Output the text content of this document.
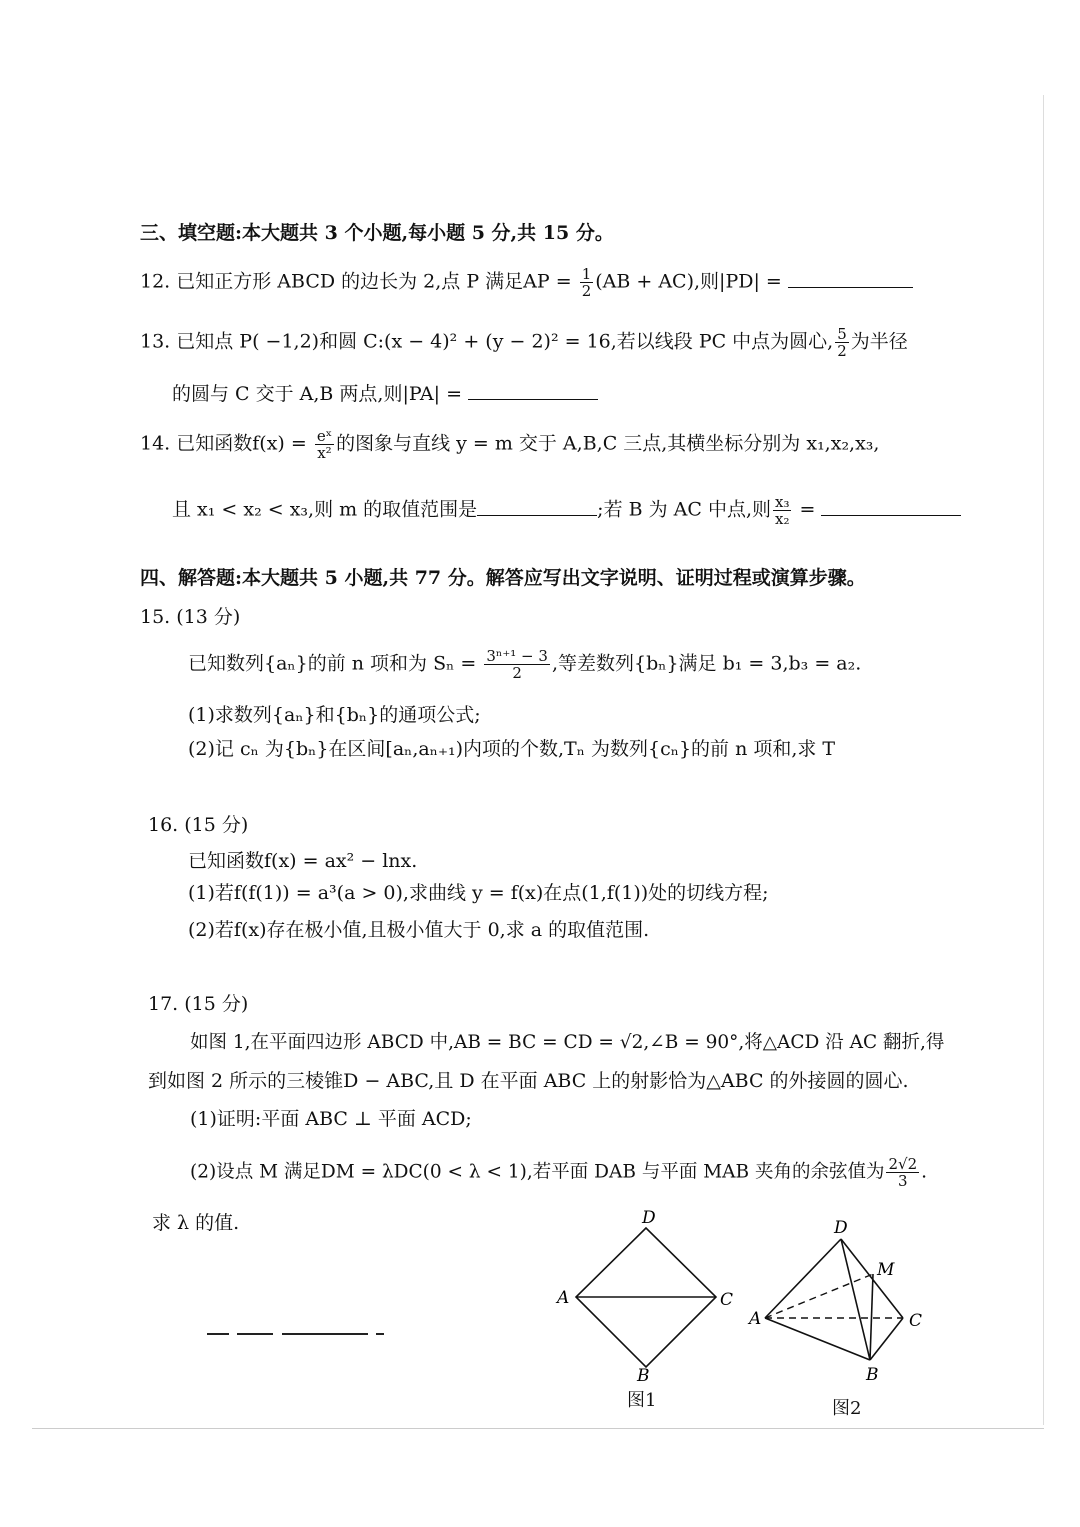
三、填空题:本大题共 3 个小题,每小题 5 分,共 15 分。
12. 已知正方形 ABCD 的边长为 2,点 P 满足AP = $\frac{1}{2} (AB + AC)$,则|PD| =
13. 已知点 P( −1,2)和圆 C:(x − 4)² + (y − 2)² = 16,若以线段 PC 中点为圆心, $\frac{5}{2}$ 为半径
的圆与 C 交于 A,B 两点,则|PA| =
14. 已知函数$f(x) = \frac{\text{eˣ}}{\text{x²}}$ 的图象与直线 y = m 交于 A,B,C 三点,其横坐标分别为 x₁,x₂,x₃,
且 x₁ < x₂ < x₃,则 m 的取值范围是	;若 B 为 AC 中点,则 $\frac{\text{x₃}}{\text{x₂}}$ =
四、解答题:本大题共 5 小题,共 77 分。解答应写出文字说明、证明过程或演算步骤。
15. (13 分)
已知数列{aₙ}的前 n 项和为 $S_n = \frac{\text{3ⁿ⁺¹ − 3}}{2}$ ,等差数列{bₙ}满足 b₁ = 3,b₃ = a₂.
(1)求数列{aₙ}和{bₙ}的通项公式;
(2)记 cₙ 为{bₙ}在区间[aₙ,aₙ₊₁)内项的个数,Tₙ 为数列{cₙ}的前 n 项和,求 T
16. (15 分)
已知函数f(x) = ax² − lnx.
(1)若f(f(1)) = a³(a > 0),求曲线 y = f(x)在点(1,f(1))处的切线方程;
(2)若f(x)存在极小值,且极小值大于 0,求 a 的取值范围.
17. (15 分)
如图 1,在平面四边形 ABCD 中,AB = BC = CD = √2,∠B = 90°,将△ACD 沿 AC 翻折,得
到如图 2 所示的三棱锥D − ABC,且 D 在平面 ABC 上的射影恰为△ABC 的外接圆的圆心.
(1)证明:平面 ABC ⊥ 平面 ACD;
(2)设点 M 满足DM = λDC(0 < λ < 1),若平面 DAB 与平面 MAB 夹角的余弦值为 $\frac{2√2}{3}$ .
求 λ 的值.	D
A	C
B
图1
D
M
A	C
B
图2
